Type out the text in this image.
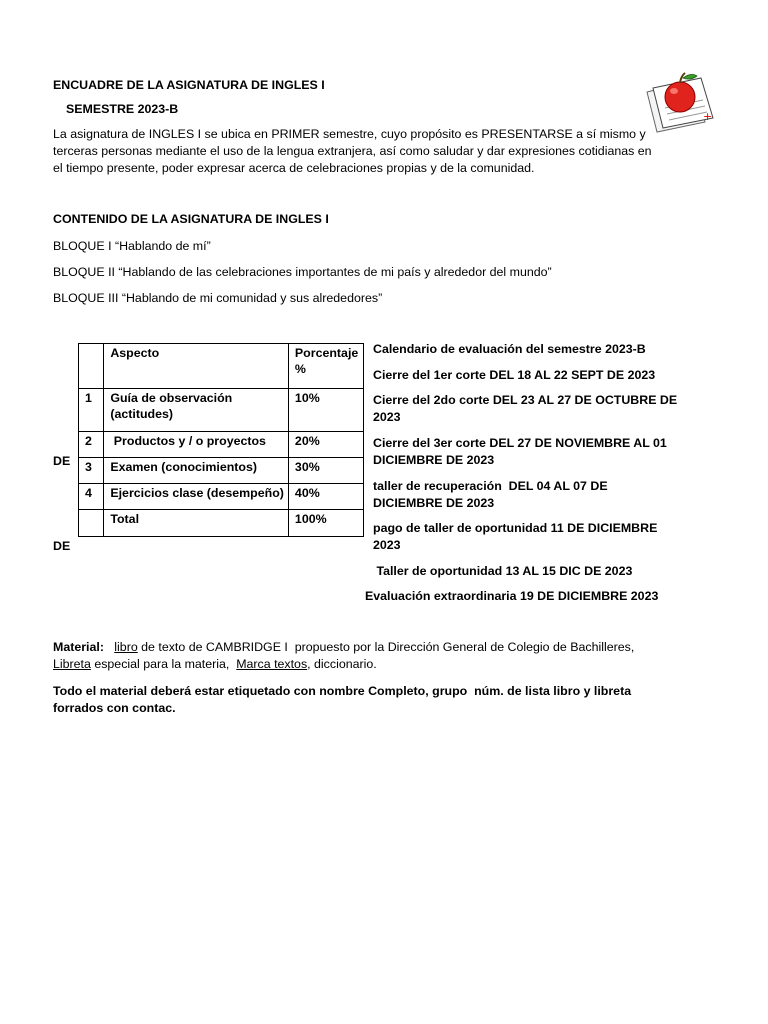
ENCUADRE DE LA ASIGNATURA DE INGLES I
SEMESTRE 2023-B
+
La asignatura de INGLES I se ubica en PRIMER semestre, cuyo propósito es PRESENTARSE a sí mismo y
terceras personas mediante el uso de la lengua extranjera, así como saludar y dar expresiones cotidianas en
el tiempo presente, poder expresar acerca de celebraciones propias y de la comunidad.
CONTENIDO DE LA ASIGNATURA DE INGLES I
BLOQUE I “Hablando de mí”
BLOQUE II “Hablando de las celebraciones importantes de mi país y alrededor del mundo”
BLOQUE III “Hablando de mi comunidad y sus alrededores”
DE
DE
	Aspecto	Porcentaje
%

1	Guía de observación
(actitudes)	10%
2	Productos y / o proyectos	20%
3	Examen (conocimientos)	30%
4	Ejercicios clase (desempeño)	40%
	Total	100%
Calendario de evaluación del semestre 2023-B
Cierre del 1er corte DEL 18 AL 22 SEPT DE 2023
Cierre del 2do corte DEL 23 AL 27 DE OCTUBRE DE
2023
Cierre del 3er corte DEL 27 DE NOVIEMBRE AL 01
DICIEMBRE DE 2023
taller de recuperación  DEL 04 AL 07 DE
DICIEMBRE DE 2023
pago de taller de oportunidad 11 DE DICIEMBRE
2023
Taller de oportunidad 13 AL 15 DIC DE 2023
Evaluación extraordinaria 19 DE DICIEMBRE 2023
Material: libro de texto de CAMBRIDGE I  propuesto por la Dirección General de Colegio de Bachilleres,
Libreta especial para la materia,  Marca textos, diccionario.
Todo el material deberá estar etiquetado con nombre Completo, grupo  núm. de lista libro y libreta
forrados con contac.
